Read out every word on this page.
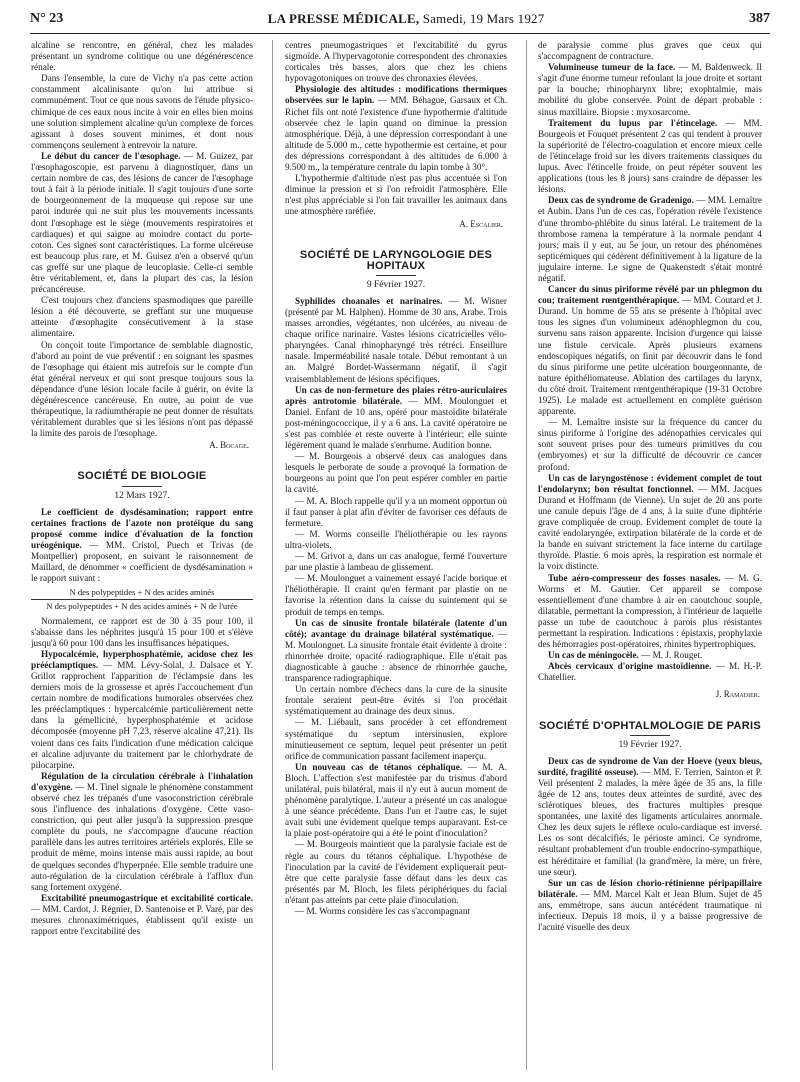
N° 23	LA PRESSE MÉDICALE, Samedi, 19 Mars 1927	387

alcaline se rencontre, en général, chez les malades présentant un syndrome colitique ou une dégénérescence rénale.

Dans l'ensemble, la cure de Vichy n'a pas cette action constamment alcalinisante qu'on lui attribue si communément. Tout ce que nous savons de l'étude physico-chimique de ces eaux nous incite à voir en elles bien moins une solution simplement alcaline qu'un complexe de forces agissant à doses souvent minimes, et dont nous commençons seulement à entrevoir la nature.

Le début du cancer de l'œsophage. — M. Guizez, par l'œsophagoscopie, est parvenu à diagnostiquer, dans un certain nombre de cas, des lésions de cancer de l'œsophage tout à fait à la période initiale. Il s'agit toujours d'une sorte de bourgeonnement de la muqueuse qui repose sur une paroi indurée qui ne suit plus les mouvements incessants dont l'œsophage est le siège (mouvements respiratoires et cardiaques) et qui saigne au moindre contact du porte-coton. Ces signes sont caractéristiques. La forme ulcéreuse est beaucoup plus rare, et M. Guisez n'en a observé qu'un cas greffé sur une plaque de leucoplasie. Celle-ci semble être véritablement, et, dans la plupart des cas, la lésion précancéreuse.

C'est toujours chez d'anciens spasmodiques que pareille lésion a été découverte, se greffant sur une muqueuse atteinte d'œsophagite consécutivement à la stase alimentaire.

On conçoit toute l'importance de semblable diagnostic, d'abord au point de vue préventif : en soignant les spasmes de l'œsophage qui étaient mis autrefois sur le compte d'un état général nerveux et qui sont presque toujours sous la dépendance d'une lésion locale facile à guérir, on évite la dégénérescence cancéreuse. En outre, au point de vue thérapeutique, la radiumthérapie ne peut donner de résultats véritablement durables que si les lésions n'ont pas dépassé la limite des parois de l'œsophage.

A. Bocage.

SOCIÉTÉ DE BIOLOGIE
12 Mars 1927.

Le coefficient de dysdésamination; rapport entre certaines fractions de l'azote non protéique du sang proposé comme indice d'évaluation de la fonction uréogénique. — MM. Cristol, Puech et Trivas (de Montpellier) proposent, en suivant le raisonnement de Maillard, de dénommer « coefficient de dysdésamination » le rapport suivant :

N des polypeptides + N des acides aminés
N des polypeptides + N des acides aminés + N de l'urée

Normalement, ce rapport est de 30 à 35 pour 100, il s'abaisse dans les néphrites jusqu'à 15 pour 100 et s'élève jusqu'à 60 pour 100 dans les insuffisances hépatiques.

Hypocalcémie, hyperphosphatémie, acidose chez les prééclamptiques. — MM. Lévy-Solal, J. Dalsace et Y. Grillot rapprochent l'apparition de l'éclampsie dans les derniers mois de la grossesse et après l'accouchement d'un certain nombre de modifications humorales observées chez les prééclamptiques : hypercalcémie particulièrement nette dans la gémellicité, hyperphosphatémie et acidose décomposée (moyenne pH 7,23, réserve alcaline 47,21). Ils voient dans ces faits l'indication d'une médication calcique et alcaline adjuvante du traitement par le chlorhydrate de pilocarpine.

Régulation de la circulation cérébrale à l'inhalation d'oxygène. — M. Tinel signale le phénomène constamment observé chez les trépanés d'une vasoconstriction cérébrale sous l'influence des inhalations d'oxygène. Cette vaso-constriction, qui peut aller jusqu'à la suppression presque complète du pouls, ne s'accompagne d'aucune réaction parallèle dans les autres territoires artériels explorés. Elle se produit de même, moins intense mais aussi rapide, au bout de quelques secondes d'hyperpnée. Elle semble traduire une auto-régulation de la circulation cérébrale à l'afflux d'un sang fortement oxygéné.

Excitabilité pneumogastrique et excitabilité corticale. — MM. Cardot, J. Régnier, D. Santenoise et P. Varé, par des mesures chronaximétriques, établissent qu'il existe un rapport entre l'excitabilité des

centres pneumogastriques et l'excitabilité du gyrus sigmoïde. A l'hypervagotonie correspondent des chronaxies corticales très basses, alors que chez les chiens hypovagotoniques on trouve des chronaxies élevées.

Physiologie des altitudes : modifications thermiques observées sur le lapin. — MM. Béhague, Garsaux et Ch. Richet fils ont noté l'existence d'une hypothermie d'altitude observée chez le lapin quand on diminue la pression atmosphérique. Déjà, à une dépression correspondant à une altitude de 5.000 m., cette hypothermie est certaine, et pour des dépressions correspondant à des altitudes de 6.000 à 9.500 m., la température centrale du lapin tombe à 30°.

L'hypothermie d'altitude n'est pas plus accentuée si l'on diminue la pression et si l'on refroidit l'atmosphère. Elle n'est plus appréciable si l'on fait travailler les animaux dans une atmosphère raréfiée.

A. Escalier.

SOCIÉTÉ DE LARYNGOLOGIE DES HOPITAUX
9 Février 1927.

Syphilides choanales et narinaires. — M. Wisner (présenté par M. Halphen). Homme de 30 ans, Arabe. Trois masses arrondies, végétantes, non ulcérées, au niveau de chaque orifice narinaire. Vastes lésions cicatricielles vélo-pharyngées. Canal rhinopharyngé très rétréci. Enseillure nasale. Imperméabilité nasale totale. Début remontant à un an. Malgré Bordet-Wassermann négatif, il s'agit vraisemblablement de lésions spécifiques.

Un cas de non-fermeture des plaies rétro-auriculaires après antrotomie bilatérale. — MM. Moulonguet et Daniel. Enfant de 10 ans, opéré pour mastoïdite bilatérale post-méningococcique, il y a 6 ans. La cavité opératoire ne s'est pas comblée et reste ouverte à l'intérieur; elle suinte légèrement quand le malade s'enrhume. Audition bonne.

— M. Bourgeois a observé deux cas analogues dans lesquels le perborate de soude a provoqué la formation de bourgeons au point que l'on peut espérer combler en partie la cavité.

— M. A. Bloch rappelle qu'il y a un moment opportun où il faut panser à plat afin d'éviter de favoriser ces défauts de fermeture.

— M. Worms conseille l'héliothérapie ou les rayons ultra-violets.

— M. Grivot a, dans un cas analogue, fermé l'ouverture par une plastie à lambeau de glissement.

— M. Moulonguet a vainement essayé l'acide borique et l'héliothérapie. Il craint qu'en fermant par plastie on ne favorise la rétention dans la caisse du suintement qui se produit de temps en temps.

Un cas de sinusite frontale bilatérale (latente d'un côté); avantage du drainage bilatéral systématique. — M. Moulonguet. La sinusite frontale était évidente à droite : rhinorrhée droite, opacité radiographique. Elle n'était pas diagnosticable à gauche : absence de rhinorrhée gauche, transparence radiographique.

Un certain nombre d'échecs dans la cure de la sinusite frontale seraient peut-être évités si l'on procédait systématiquement au drainage des deux sinus.

— M. Liébault, sans procéder à cet effondrement systématique du septum intersinusien, explore minutieusement ce septum, lequel peut présenter un petit orifice de communication passant facilement inaperçu.

Un nouveau cas de tétanos céphalique. — M. A. Bloch. L'affection s'est manifestée par du trismus d'abord unilatéral, puis bilatéral, mais il n'y eut à aucun moment de phénomène paralytique. L'auteur a présenté un cas analogue à une séance précédente. Dans l'un et l'autre cas, le sujet avait subi une évidement quelque temps auparavant. Est-ce la plaie post-opératoire qui a été le point d'inoculation?

— M. Bourgeois maintient que la paralysie faciale est de règle au cours du tétanos céphalique. L'hypothèse de l'inoculation par la cavité de l'évidement expliquerait peut-être que cette paralysie fasse défaut dans les deux cas présentés par M. Bloch, les filets périphériques du facial n'étant pas atteints par cette plaie d'inoculation.

— M. Worms considère les cas s'accompagnant

de paralysie comme plus graves que ceux qui s'accompagnent de contracture.

Volumineuse tumeur de la face. — M. Baldenweck. Il s'agit d'une énorme tumeur refoulant la joue droite et sortant par la bouche; rhinopharynx libre; exophtalmie, mais mobilité du globe conservée. Point de départ probable : sinus maxillaire. Biopsie : myxosarcome.

Traitement du lupus par l'étincelage. — MM. Bourgeois et Fouquet présentent 2 cas qui tendent à prouver la supériorité de l'électro-coagulation et encore mieux celle de l'étincelage froid sur les divers traitements classiques du lupus. Avec l'étincelle froide, on peut répéter souvent les applications (tous les 8 jours) sans craindre de dépasser les lésions.

Deux cas de syndrome de Gradenigo. — MM. Lemaître et Aubin. Dans l'un de ces cas, l'opération révèle l'existence d'une thrombo-phlébite du sinus latéral. Le traitement de la thrombose ramena la température à la normale pendant 4 jours; mais il y eut, au 5e jour, un retour des phénomènes septicémiques qui cédèrent définitivement à la ligature de la jugulaire interne. Le signe de Quakenstedt s'était montré négatif.

Cancer du sinus piriforme révélé par un phlegmon du cou; traitement rœntgenthérapique. — MM. Coutard et J. Durand. Un homme de 55 ans se présente à l'hôpital avec tous les signes d'un volumineux adénophlegmon du cou, survenu sans raison apparente. Incision d'urgence qui laisse une fistule cervicale. Après plusieurs examens endoscopiques négatifs, on finit par découvrir dans le fond du sinus piriforme une petite ulcération bourgeonnante, de nature épithéliomateuse. Ablation des cartilages du larynx, du côté droit. Traitement rœntgenthérapique (19-31 Octobre 1925). Le malade est actuellement en complète guérison apparente.

— M. Lemaître insiste sur la fréquence du cancer du sinus piriforme à l'origine des adénopathies cervicales qui sont souvent prises pour des tumeurs primitives du cou (embryomes) et sur la difficulté de découvrir ce cancer profond.

Un cas de laryngosténose : évidement complet de tout l'endolarynx; bon résultat fonctionnel. — MM. Jacques Durand et Hoffmann (de Vienne). Un sujet de 20 ans porte une canule depuis l'âge de 4 ans, à la suite d'une diphtérie grave compliquée de croup. Evidement complet de toute la cavité endolaryngée, extirpation bilatérale de la corde et de la bande en suivant strictement la face interne du cartilage thyroïde. Plastie. 6 mois après, la respiration est normale et la voix distincte.

Tube aéro-compresseur des fosses nasales. — M. G. Worms et M. Gautier. Cet appareil se compose essentiellement d'une chambre à air en caoutchouc souple, dilatable, permettant la compression, à l'intérieur de laquelle passe un tube de caoutchouc à parois plus résistantes permettant la respiration. Indications : épistaxis, prophylaxie des hémorragies post-opératoires, rhinites hypertrophiques.

Un cas de méningocèle. — M. J. Rouget.

Abcès cervicaux d'origine mastoïdienne. — M. H.-P. Chatellier.

J. Ramadier.

SOCIÉTÉ D'OPHTALMOLOGIE DE PARIS
19 Février 1927.

Deux cas de syndrome de Van der Hoeve (yeux bleus, surdité, fragilité osseuse). — MM. F. Terrien, Sainton et P. Veil présentent 2 malades, la mère âgée de 35 ans, la fille âgée de 12 ans, toutes deux atteintes de surdité, avec des sclérotiques bleues, des fractures multiples presque spontanées, une laxité des ligaments articulaires anormale. Chez les deux sujets le réflexe oculo-cardiaque est inversé. Les os sont décalcifiés, le périoste aminci. Ce syndrome, résultant probablement d'un trouble endocrino-sympathique, est héréditaire et familial (la grand'mère, la mère, un frère, une sœur).

Sur un cas de lésion chorio-rétinienne péripapillaire bilatérale. — MM. Marcel Kalt et Jean Blum. Sujet de 45 ans, emmétrope, sans aucun antécédent traumatique ni infectieux. Depuis 18 mois, il y a baisse progressive de l'acuité visuelle des deux
